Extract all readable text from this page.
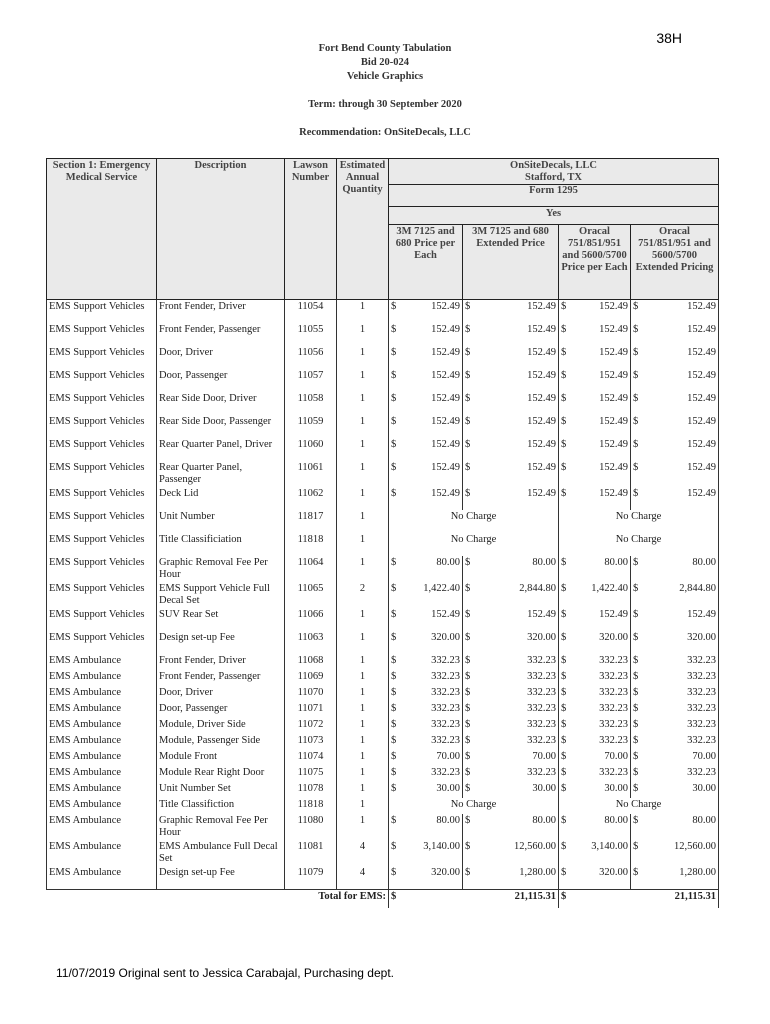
38H
Fort Bend County Tabulation
Bid 20-024
Vehicle Graphics
Term: through 30 September 2020
Recommendation: OnSiteDecals, LLC
Section 1: Emergency Medical Service	Description	Lawson Number	Estimated Annual Quantity	OnSiteDecals, LLC
Stafford, TX
Form 1295			

				Yes			
				3M 7125 and 680 Price per Each	3M 7125 and 680 Extended Price	Oracal 751/851/951 and 5600/5700 Price per Each	Oracal 751/851/951 and 5600/5700 Extended Pricing
EMS Support Vehicles	Front Fender, Driver	11054	1	$ 152.49	$ 152.49	$ 152.49	$ 152.49

EMS Support Vehicles	Front Fender, Passenger	11055	1	$ 152.49	$ 152.49	$ 152.49	$ 152.49

EMS Support Vehicles	Door, Driver	11056	1	$ 152.49	$ 152.49	$ 152.49	$ 152.49

EMS Support Vehicles	Door, Passenger	11057	1	$ 152.49	$ 152.49	$ 152.49	$ 152.49

EMS Support Vehicles	Rear Side Door, Driver	11058	1	$ 152.49	$ 152.49	$ 152.49	$ 152.49

EMS Support Vehicles	Rear Side Door, Passenger	11059	1	$ 152.49	$ 152.49	$ 152.49	$ 152.49

EMS Support Vehicles	Rear Quarter Panel, Driver	11060	1	$ 152.49	$ 152.49	$ 152.49	$ 152.49

EMS Support Vehicles	Rear Quarter Panel, Passenger	11061	1	$ 152.49	$ 152.49	$ 152.49	$ 152.49

EMS Support Vehicles	Deck Lid	11062	1	$ 152.49	$ 152.49	$ 152.49	$ 152.49

EMS Support Vehicles	Unit Number	11817	1	No Charge		No Charge	
EMS Support Vehicles	Title Classificiation	11818	1	No Charge		No Charge	
EMS Support Vehicles	Graphic Removal Fee Per Hour	11064	1	$ 80.00	$ 80.00	$ 80.00	$ 80.00

EMS Support Vehicles	EMS Support Vehicle Full Decal Set	11065	2	$ 1,422.40	$ 2,844.80	$ 1,422.40	$ 2,844.80

EMS Support Vehicles	SUV Rear Set	11066	1	$ 152.49	$ 152.49	$ 152.49	$ 152.49

EMS Support Vehicles	Design set-up Fee	11063	1	$ 320.00	$ 320.00	$ 320.00	$ 320.00

EMS Ambulance	Front Fender, Driver	11068	1	$ 332.23	$ 332.23	$ 332.23	$ 332.23

EMS Ambulance	Front Fender, Passenger	11069	1	$ 332.23	$ 332.23	$ 332.23	$ 332.23

EMS Ambulance	Door, Driver	11070	1	$ 332.23	$ 332.23	$ 332.23	$ 332.23

EMS Ambulance	Door, Passenger	11071	1	$ 332.23	$ 332.23	$ 332.23	$ 332.23

EMS Ambulance	Module, Driver Side	11072	1	$ 332.23	$ 332.23	$ 332.23	$ 332.23

EMS Ambulance	Module, Passenger Side	11073	1	$ 332.23	$ 332.23	$ 332.23	$ 332.23

EMS Ambulance	Module Front	11074	1	$ 70.00	$ 70.00	$ 70.00	$ 70.00

EMS Ambulance	Module Rear Right Door	11075	1	$ 332.23	$ 332.23	$ 332.23	$ 332.23

EMS Ambulance	Unit Number Set	11078	1	$ 30.00	$ 30.00	$ 30.00	$ 30.00

EMS Ambulance	Title Classifiction	11818	1	No Charge		No Charge	
EMS Ambulance	Graphic Removal Fee Per Hour	11080	1	$ 80.00	$ 80.00	$ 80.00	$ 80.00

EMS Ambulance	EMS Ambulance Full Decal Set	11081	4	$ 3,140.00	$ 12,560.00	$ 3,140.00	$ 12,560.00

EMS Ambulance	Design set-up Fee	11079	4	$ 320.00	$ 1,280.00	$ 320.00	$ 1,280.00

Total for EMS:				$ 21,115.31		$ 21,115.31	
11/07/2019 Original sent to Jessica Carabajal, Purchasing dept.
